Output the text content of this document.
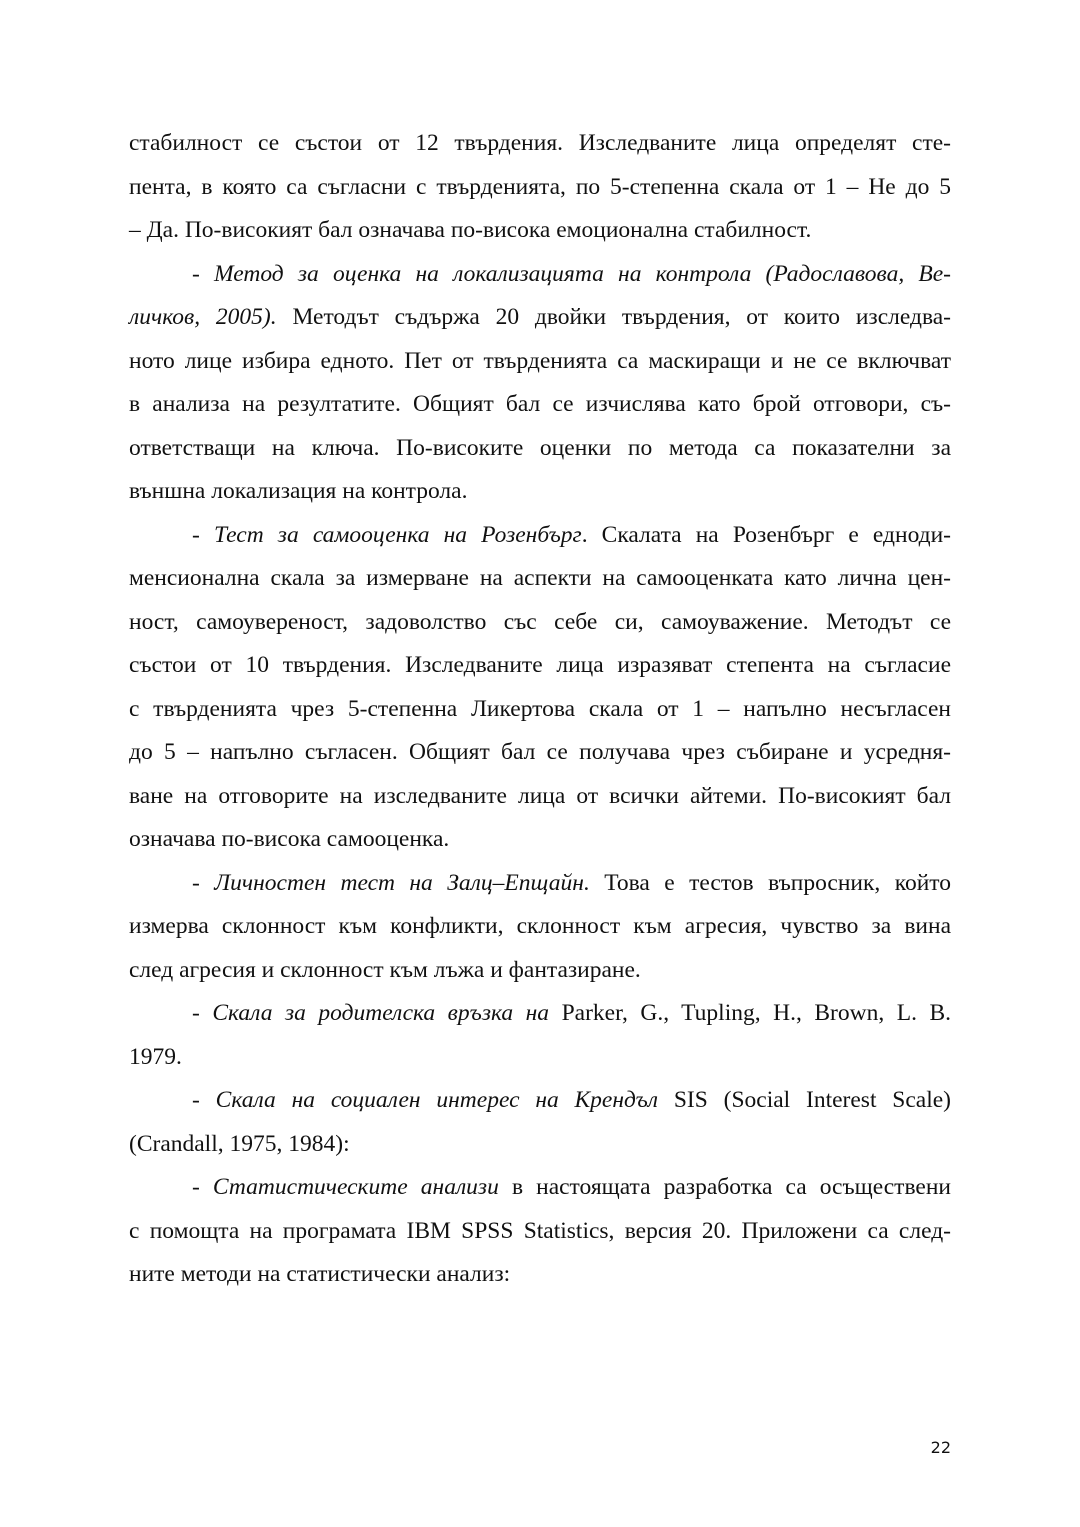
стабилност се състои от 12 твърдения. Изследваните лица определят сте-
пента, в която са съгласни с твърденията, по 5-степенна скала от 1 – Не до 5
– Да. По-високият бал означава по-висока емоционална стабилност.
- Метод за оценка на локализацията на контрола (Радославова, Ве-
личков, 2005). Методът съдържа 20 двойки твърдения, от които изследва-
ното лице избира едното. Пет от твърденията са маскиращи и не се включват
в анализа на резултатите. Общият бал се изчислява като брой отговори, съ-
ответстващи на ключа. По-високите оценки по метода са показателни за
външна локализация на контрола.
- Тест за самооценка на Розенбърг. Скалата на Розенбърг е едноди-
менсионална скала за измерване на аспекти на самооценката като лична цен-
ност, самоувереност, задоволство със себе си, самоуважение. Методът се
състои от 10 твърдения. Изследваните лица изразяват степента на съгласие
с твърденията чрез 5-степенна Ликертова скала от 1 – напълно несъгласен
до 5 – напълно съгласен. Общият бал се получава чрез събиране и усредня-
ване на отговорите на изследваните лица от всички айтеми. По-високият бал
означава по-висока самооценка.
- Личностен тест на Залц–Епщайн. Това е тестов въпросник, който
измерва склонност към конфликти, склонност към агресия, чувство за вина
след агресия и склонност към лъжа и фантазиране.
- Скала за родителска връзка на Parker, G., Tupling, H., Brown, L. B.
1979.
- Скала на социален интерес на Крендъл SIS (Social Interest Scale)
(Crandall, 1975, 1984):
- Статистическите анализи в настоящата разработка са осъществени
с помощта на програмата IBM SPSS Statistics, версия 20. Приложени са след-
ните методи на статистически анализ:
22
